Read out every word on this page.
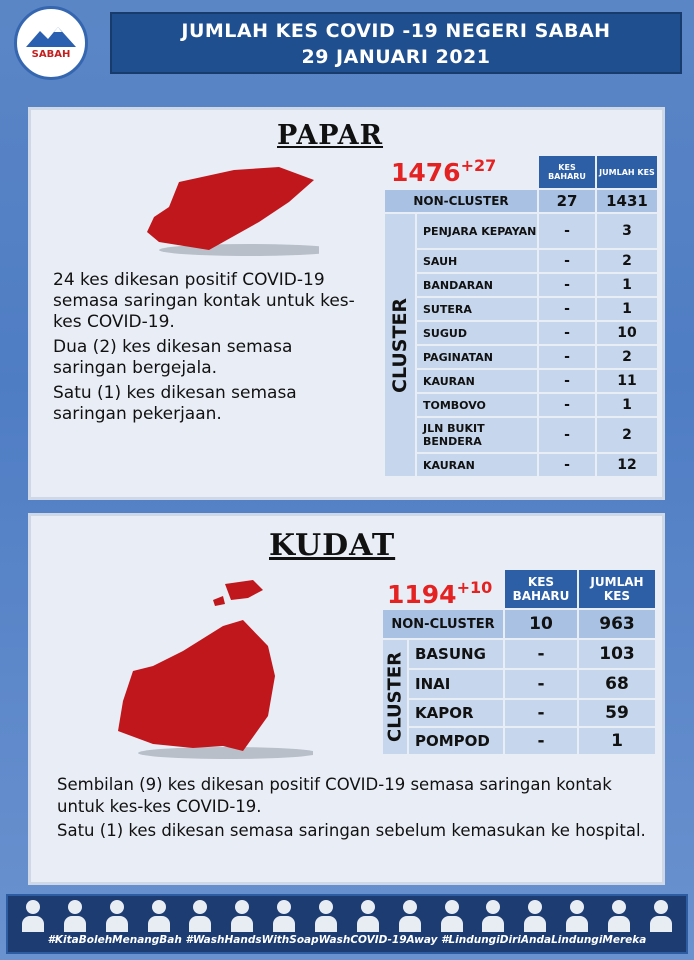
SABAH
JUMLAH KES COVID -19 NEGERI SABAH
29 JANUARI 2021
PAPAR
$1476^{+27}$
		KES BAHARU	JUMLAH KES
NON-CLUSTER		27	1431
CLUSTER	PENJARA KEPAYAN	-	3
	SAUH	-	2
	BANDARAN	-	1
	SUTERA	-	1
	SUGUD	-	10
	PAGINATAN	-	2
	KAURAN	-	11
	TOMBOVO	-	1
	JLN BUKIT BENDERA	-	2
	KAURAN	-	12

24 kes dikesan positif COVID-19 semasa saringan kontak untuk kes-kes COVID-19.

Dua (2) kes dikesan semasa saringan bergejala.

Satu (1) kes dikesan semasa saringan pekerjaan.

KUDAT
$1194^{+10}$
		KES BAHARU	JUMLAH KES
NON-CLUSTER		10	963
CLUSTER	BASUNG	-	103
	INAI	-	68
	KAPOR	-	59
	POMPOD	-	1

Sembilan (9) kes dikesan positif COVID-19 semasa saringan kontak untuk kes-kes COVID-19.

Satu (1) kes dikesan semasa saringan sebelum kemasukan ke hospital.

#KitaBolehMenangBah #WashHandsWithSoapWashCOVID-19Away #LindungiDiriAndaLindungiMereka
